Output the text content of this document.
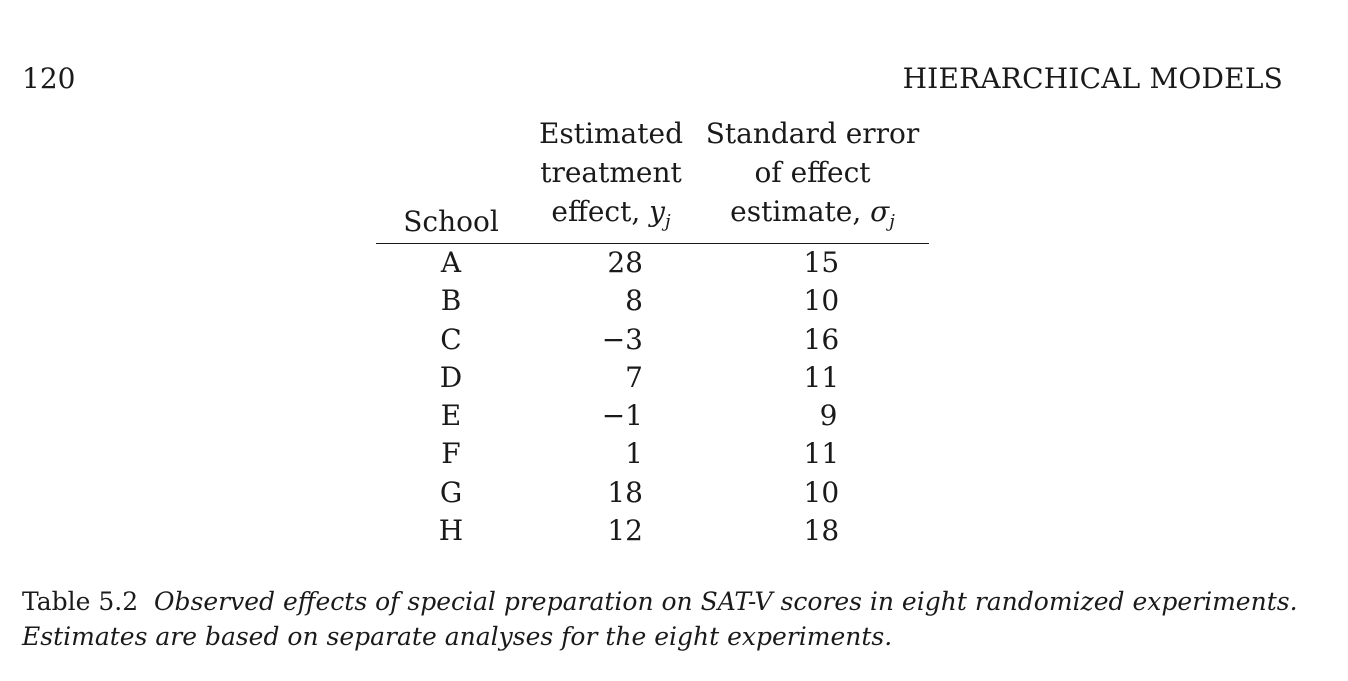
120	HIERARCHICAL MODELS
	Estimated	Standard error
	treatment	of effect
School	effect, $y_j$	estimate, $\sigma_j$
A	28	15
B	8	10
C	−3	16
D	7	11
E	−1	9
F	1	11
G	18	10
H	12	18
Table 5.2 Observed effects of special preparation on SAT-V scores in eight randomized experiments. Estimates are based on separate analyses for the eight experiments.
